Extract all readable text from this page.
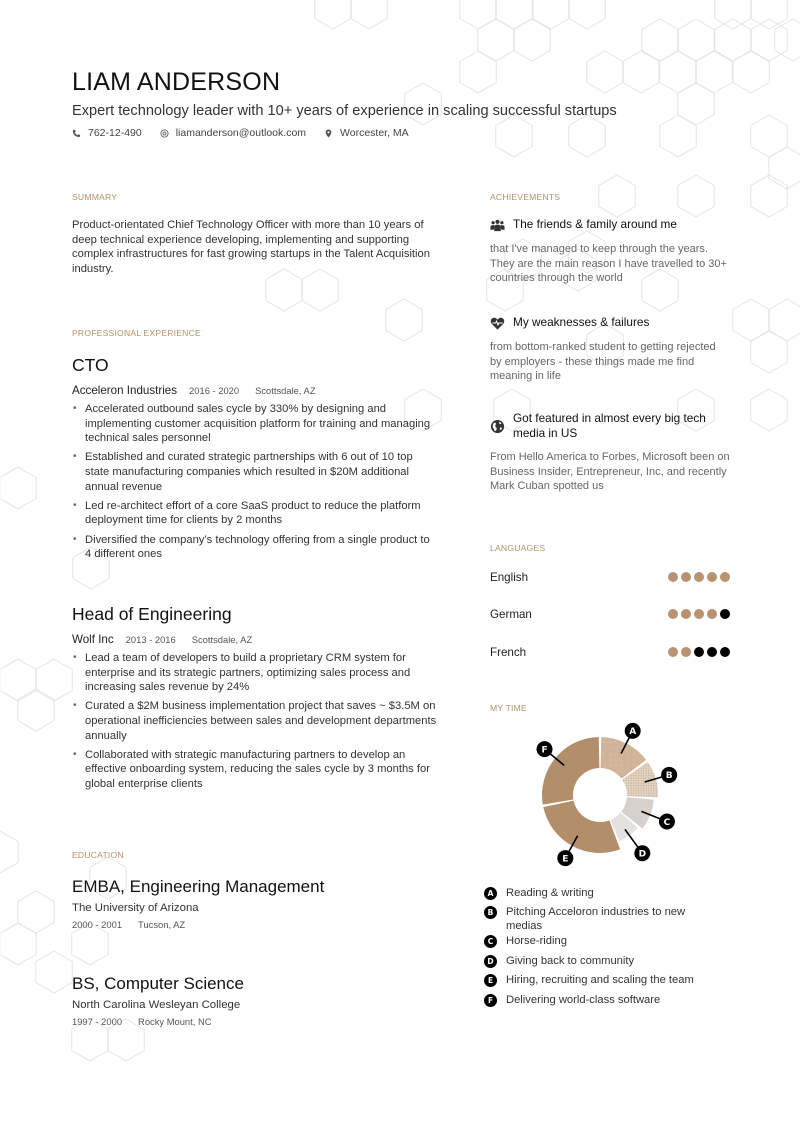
LIAM ANDERSON
Expert technology leader with 10+ years of experience in scaling successful startups
762-12-490	liamanderson@outlook.com	Worcester, MA
SUMMARY
Product-orientated Chief Technology Officer with more than 10 years of deep technical experience developing, implementing and supporting complex infrastructures for fast growing startups in the Talent Acquisition industry.
PROFESSIONAL EXPERIENCE
CTO
Acceleron Industries 2016 - 2020 Scottsdale, AZ
• Accelerated outbound sales cycle by 330% by designing and implementing customer acquisition platform for training and managing technical sales personnel
• Established and curated strategic partnerships with 6 out of 10 top state manufacturing companies which resulted in $20M additional annual revenue
• Led re-architect effort of a core SaaS product to reduce the platform deployment time for clients by 2 months
• Diversified the company’s technology offering from a single product to 4 different ones
Head of Engineering
Wolf Inc 2013 - 2016 Scottsdale, AZ
• Lead a team of developers to build a proprietary CRM system for enterprise and its strategic partners, optimizing sales process and increasing sales revenue by 24%
• Curated a $2M business implementation project that saves ~ $3.5M on operational inefficiencies between sales and development departments annually
• Collaborated with strategic manufacturing partners to develop an effective onboarding system, reducing the sales cycle by 3 months for global enterprise clients
EDUCATION
EMBA, Engineering Management
The University of Arizona
2000 - 2001 Tucson, AZ
BS, Computer Science
North Carolina Wesleyan College
1997 - 2000 Rocky Mount, NC
ACHIEVEMENTS
The friends & family around me
that I've managed to keep through the years. They are the main reason I have travelled to 30+ countries through the world
My weaknesses & failures
from bottom-ranked student to getting rejected by employers - these things made me find meaning in life
Got featured in almost every big tech media in US
From Hello America to Forbes, Microsoft been on Business Insider, Entrepreneur, Inc, and recently Mark Cuban spotted us
LANGUAGES
English
German
French
MY TIME
A
B
C
D
E
F
A	Reading & writing
B	Pitching Acceloron industries to new medias
C	Horse-riding
D	Giving back to community
E	Hiring, recruiting and scaling the team
F	Delivering world-class software
